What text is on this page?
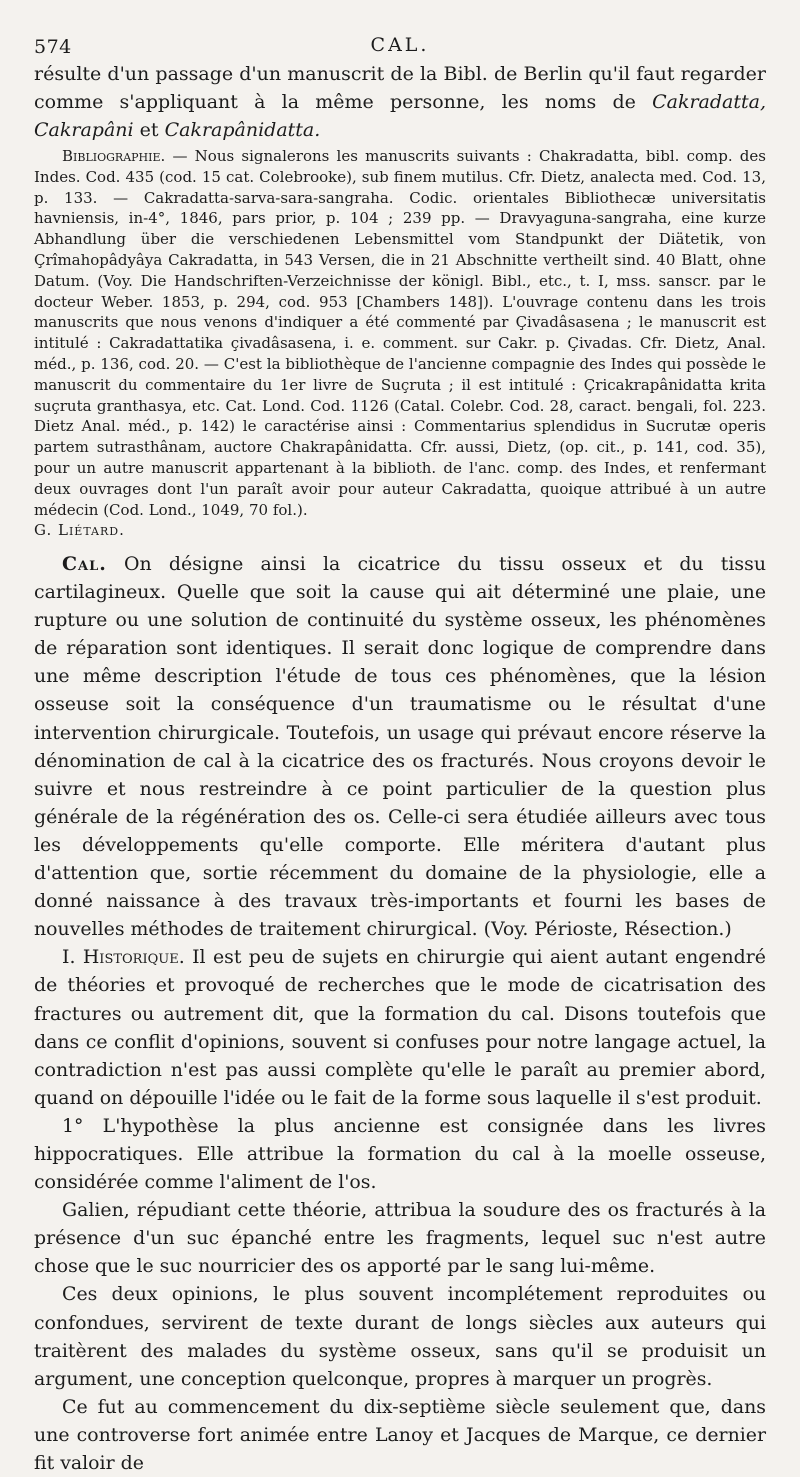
574	CAL.

résulte d'un passage d'un manuscrit de la Bibl. de Berlin qu'il faut regarder comme s'appliquant à la même personne, les noms de Cakradatta, Cakrapâni et Cakrapânidatta.

Bibliographie. — Nous signalerons les manuscrits suivants : Chakradatta, bibl. comp. des Indes. Cod. 435 (cod. 15 cat. Colebrooke), sub finem mutilus. Cfr. Dietz, analecta med. Cod. 13, p. 133. — Cakradatta-sarva-sara-sangraha. Codic. orientales Bibliothecæ universitatis havniensis, in-4°, 1846, pars prior, p. 104 ; 239 pp. — Dravyaguna-sangraha, eine kurze Abhandlung über die verschiedenen Lebensmittel vom Standpunkt der Diätetik, von Çrîmahopâdyâya Cakradatta, in 543 Versen, die in 21 Abschnitte vertheilt sind. 40 Blatt, ohne Datum. (Voy. Die Handschriften-Verzeichnisse der königl. Bibl., etc., t. I, mss. sanscr. par le docteur Weber. 1853, p. 294, cod. 953 [Chambers 148]). L'ouvrage contenu dans les trois manuscrits que nous venons d'indiquer a été commenté par Çivadâsasena ; le manuscrit est intitulé : Cakradattatika çivadâsasena, i. e. comment. sur Cakr. p. Çivadas. Cfr. Dietz, Anal. méd., p. 136, cod. 20. — C'est la bibliothèque de l'ancienne compagnie des Indes qui possède le manuscrit du commentaire du 1er livre de Suçruta ; il est intitulé : Çricakrapânidatta krita suçruta granthasya, etc. Cat. Lond. Cod. 1126 (Catal. Colebr. Cod. 28, caract. bengali, fol. 223. Dietz Anal. méd., p. 142) le caractérise ainsi : Commentarius splendidus in Sucrutæ operis partem sutrasthânam, auctore Chakrapânidatta. Cfr. aussi, Dietz, (op. cit., p. 141, cod. 35), pour un autre manuscrit appartenant à la biblioth. de l'anc. comp. des Indes, et renfermant deux ouvrages dont l'un paraît avoir pour auteur Cakradatta, quoique attribué à un autre médecin (Cod. Lond., 1049, 70 fol.).

G. Liétard.

Cal. On désigne ainsi la cicatrice du tissu osseux et du tissu cartilagineux. Quelle que soit la cause qui ait déterminé une plaie, une rupture ou une solution de continuité du système osseux, les phénomènes de réparation sont identiques. Il serait donc logique de comprendre dans une même description l'étude de tous ces phénomènes, que la lésion osseuse soit la conséquence d'un traumatisme ou le résultat d'une intervention chirurgicale. Toutefois, un usage qui prévaut encore réserve la dénomination de cal à la cicatrice des os fracturés. Nous croyons devoir le suivre et nous restreindre à ce point particulier de la question plus générale de la régénération des os. Celle-ci sera étudiée ailleurs avec tous les développements qu'elle comporte. Elle méritera d'autant plus d'attention que, sortie récemment du domaine de la physiologie, elle a donné naissance à des travaux très-importants et fourni les bases de nouvelles méthodes de traitement chirurgical. (Voy. Périoste, Résection.)

I. Historique. Il est peu de sujets en chirurgie qui aient autant engendré de théories et provoqué de recherches que le mode de cicatrisation des fractures ou autrement dit, que la formation du cal. Disons toutefois que dans ce conflit d'opinions, souvent si confuses pour notre langage actuel, la contradiction n'est pas aussi complète qu'elle le paraît au premier abord, quand on dépouille l'idée ou le fait de la forme sous laquelle il s'est produit.

1° L'hypothèse la plus ancienne est consignée dans les livres hippocratiques. Elle attribue la formation du cal à la moelle osseuse, considérée comme l'aliment de l'os.

Galien, répudiant cette théorie, attribua la soudure des os fracturés à la présence d'un suc épanché entre les fragments, lequel suc n'est autre chose que le suc nourricier des os apporté par le sang lui-même.

Ces deux opinions, le plus souvent incomplétement reproduites ou confondues, servirent de texte durant de longs siècles aux auteurs qui traitèrent des malades du système osseux, sans qu'il se produisit un argument, une conception quelconque, propres à marquer un progrès.

Ce fut au commencement du dix-septième siècle seulement que, dans une controverse fort animée entre Lanoy et Jacques de Marque, ce dernier fit valoir de
